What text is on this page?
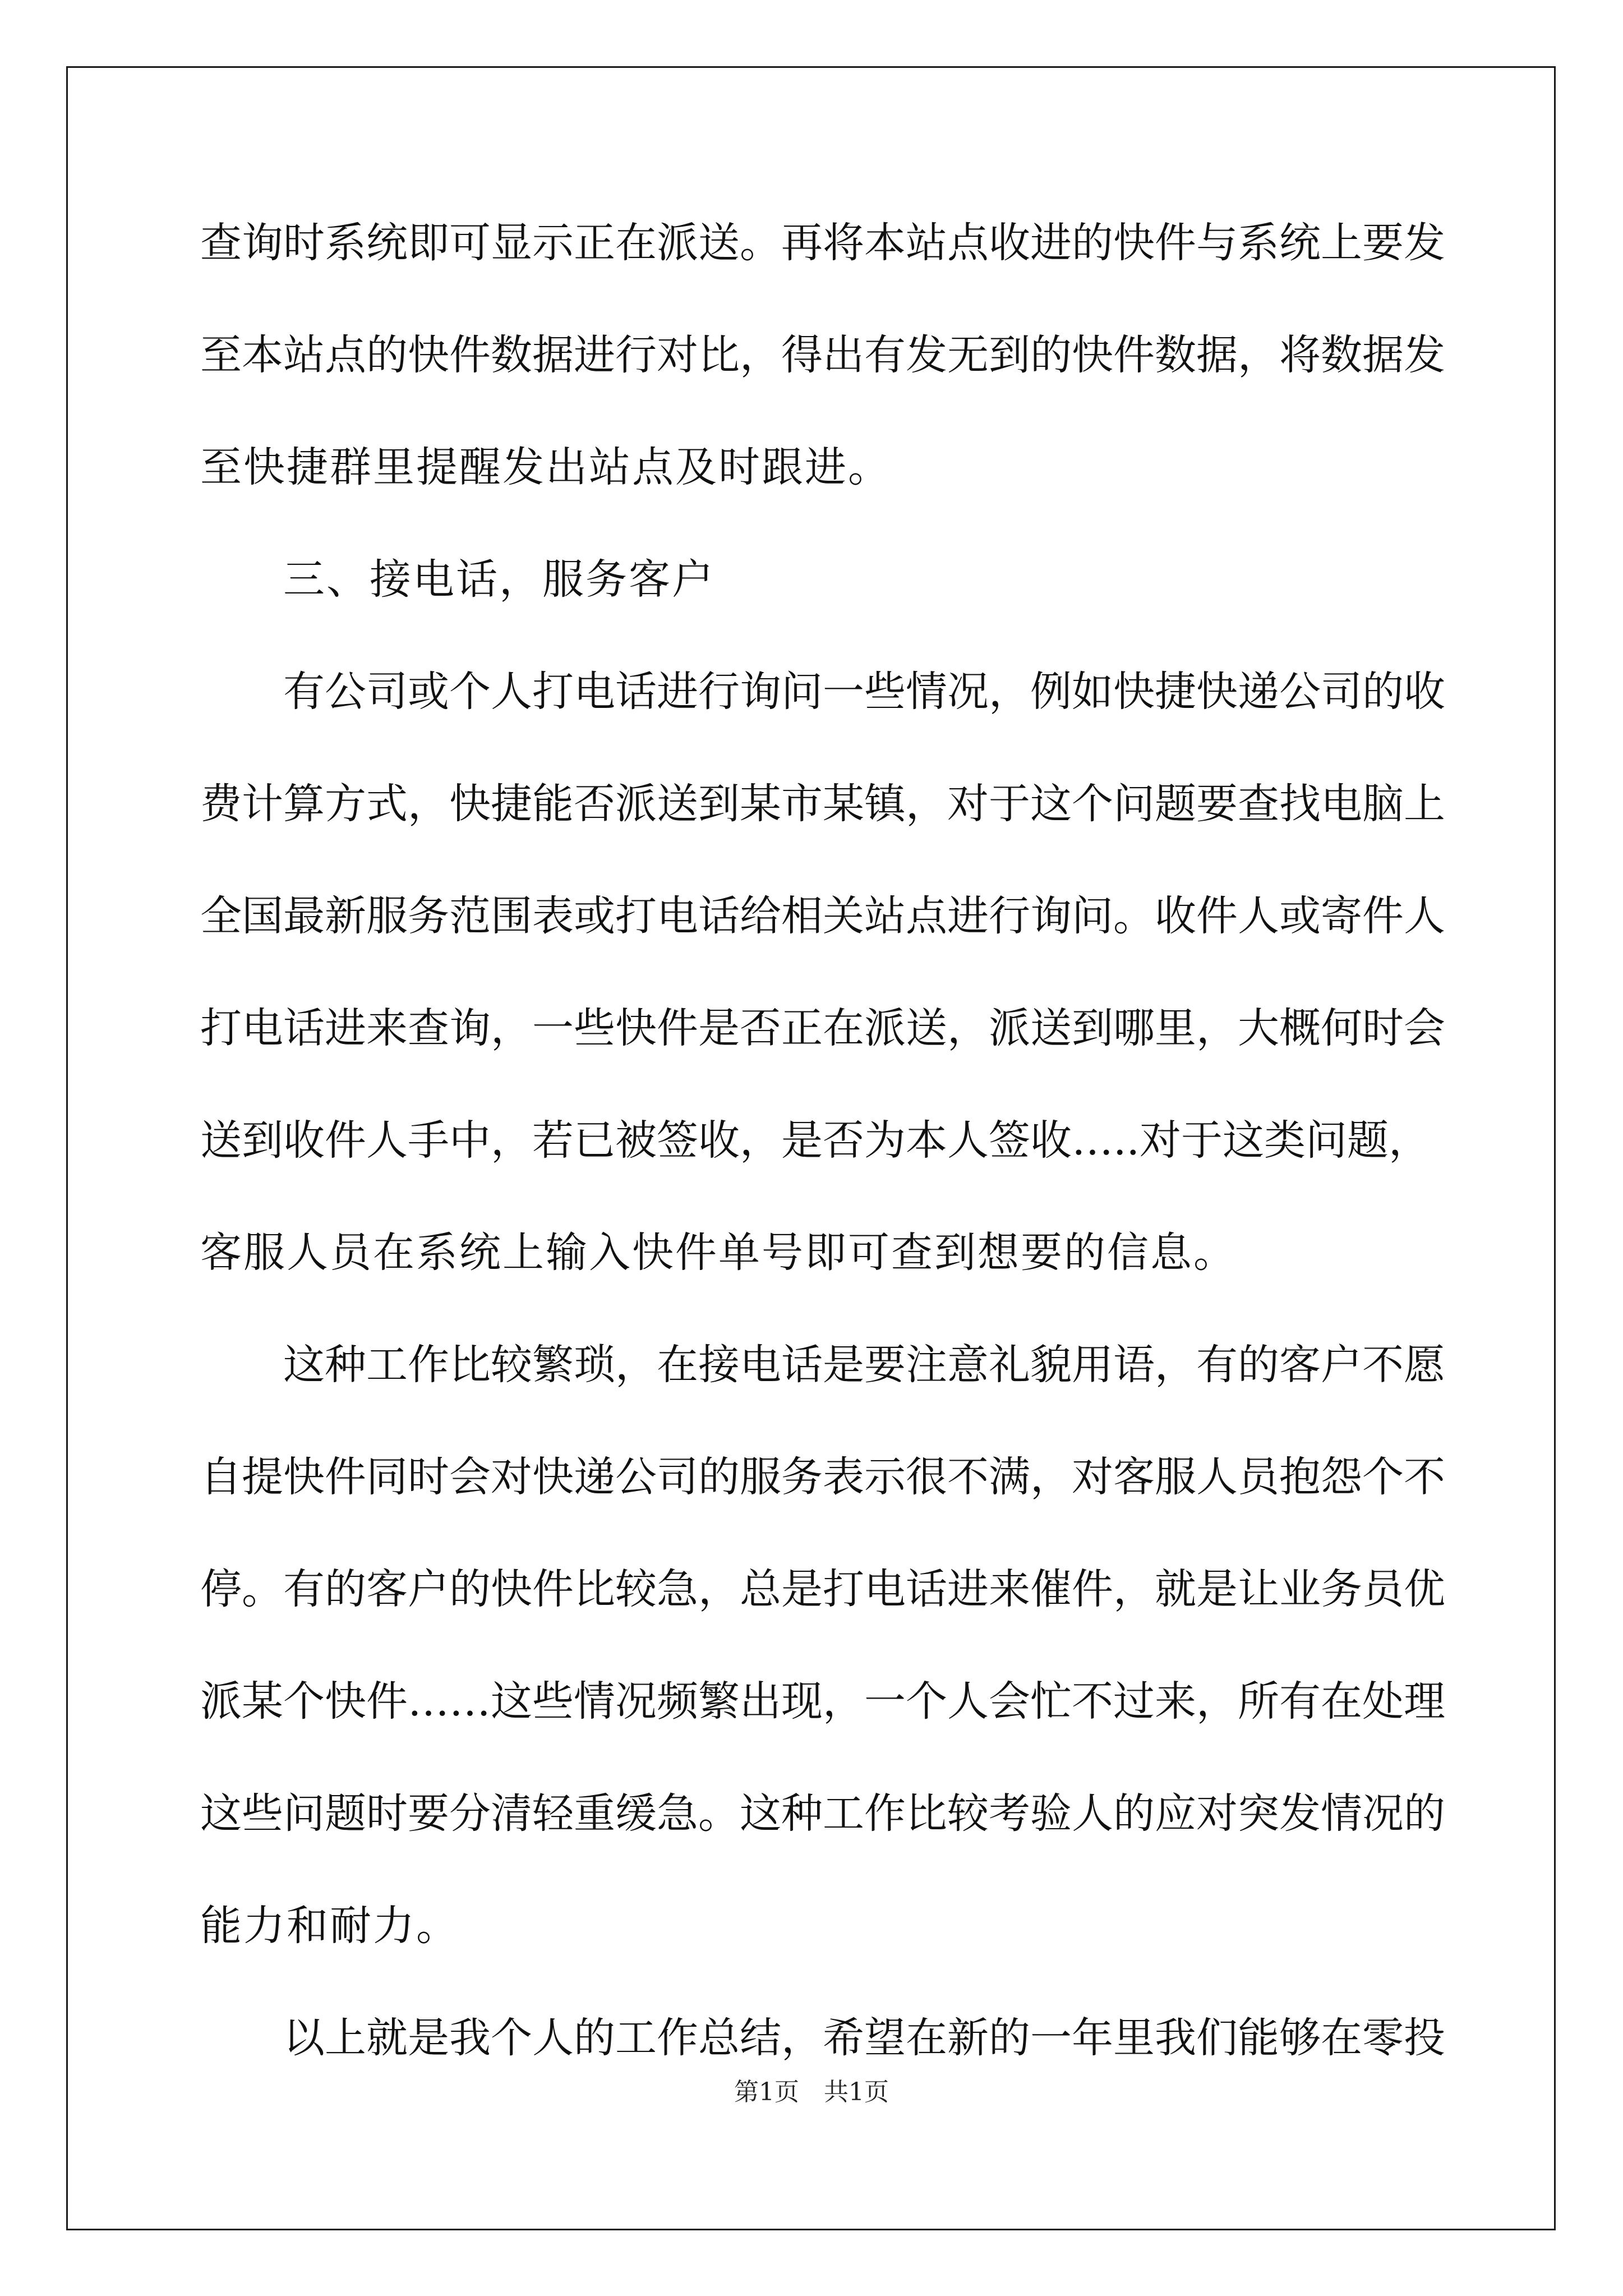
查询时系统即可显示正在派送。再将本站点收进的快件与系统上要发
至本站点的快件数据进行对比，得出有发无到的快件数据，将数据发
至快捷群里提醒发出站点及时跟进。
三、接电话，服务客户
有公司或个人打电话进行询问一些情况，例如快捷快递公司的收
费计算方式，快捷能否派送到某市某镇，对于这个问题要查找电脑上
全国最新服务范围表或打电话给相关站点进行询问。收件人或寄件人
打电话进来查询，一些快件是否正在派送，派送到哪里，大概何时会
送到收件人手中，若已被签收，是否为本人签收…..对于这类问题，
客服人员在系统上输入快件单号即可查到想要的信息。
这种工作比较繁琐，在接电话是要注意礼貌用语，有的客户不愿
自提快件同时会对快递公司的服务表示很不满，对客服人员抱怨个不
停。有的客户的快件比较急，总是打电话进来催件，就是让业务员优
派某个快件……这些情况频繁出现，一个人会忙不过来，所有在处理
这些问题时要分清轻重缓急。这种工作比较考验人的应对突发情况的
能力和耐力。
以上就是我个人的工作总结，希望在新的一年里我们能够在零投
第1页　共1页
